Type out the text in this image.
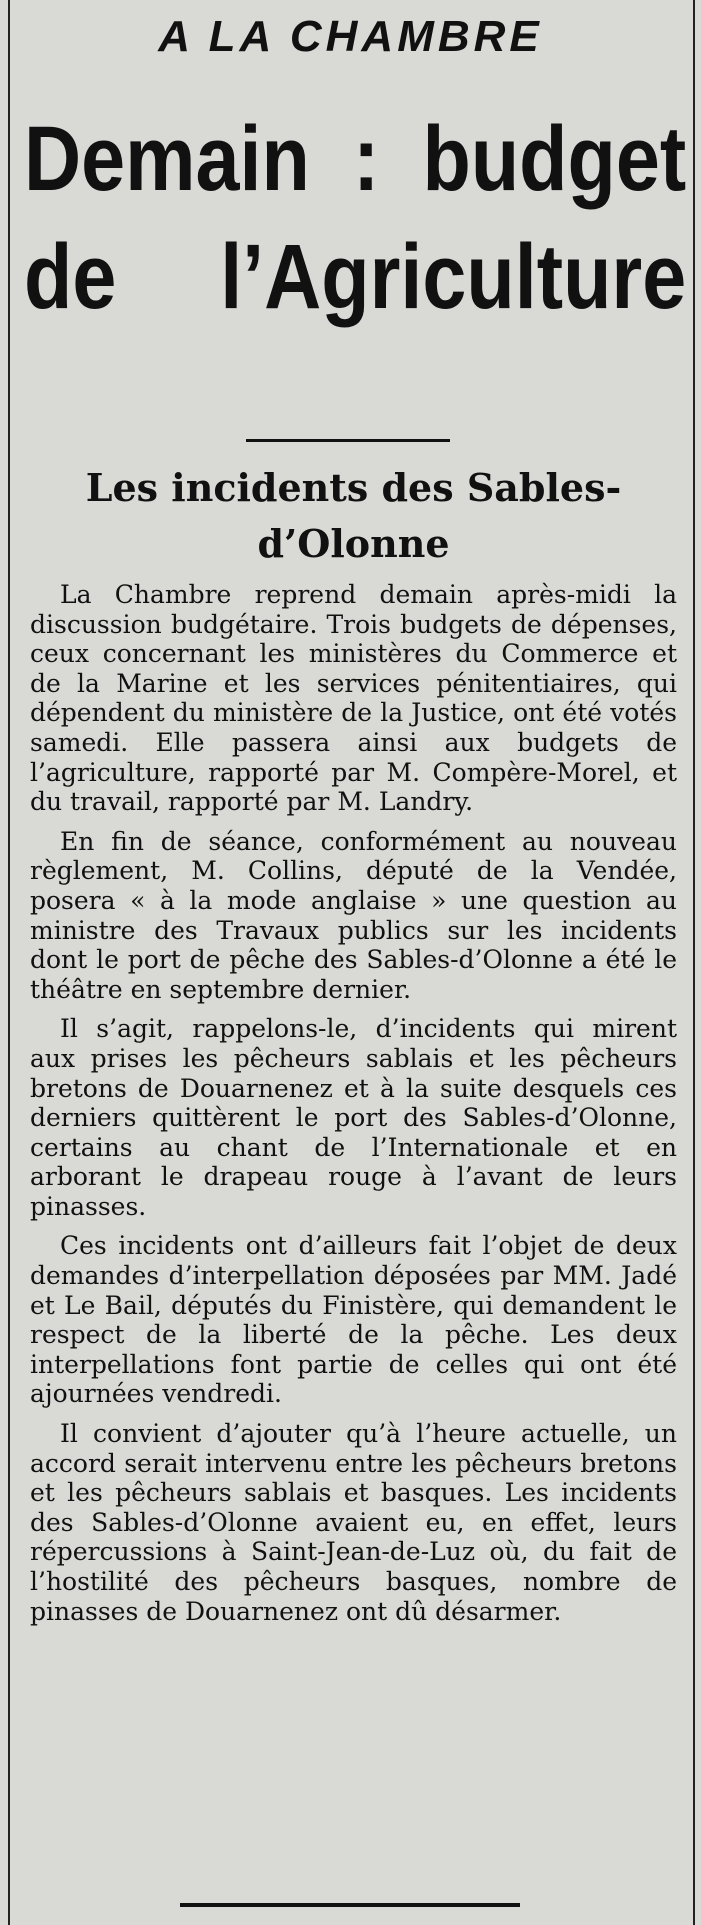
A LA CHAMBRE
Demain : budget
de l’Agriculture
Les incidents des Sables-d’Olonne

La Chambre reprend demain après-midi la discussion budgétaire. Trois budgets de dépenses, ceux concernant les ministères du Commerce et de la Marine et les services pénitentiaires, qui dépendent du ministère de la Justice, ont été votés samedi. Elle passera ainsi aux budgets de l’agriculture, rapporté par M. Compère-Morel, et du travail, rapporté par M. Landry.

En fin de séance, conformément au nouveau règlement, M. Collins, député de la Vendée, posera « à la mode anglaise » une question au ministre des Travaux publics sur les incidents dont le port de pêche des Sables-d’Olonne a été le théâtre en septembre dernier.

Il s’agit, rappelons-le, d’incidents qui mirent aux prises les pêcheurs sablais et les pêcheurs bretons de Douarnenez et à la suite desquels ces derniers quittèrent le port des Sables-d’Olonne, certains au chant de l’Internationale et en arborant le drapeau rouge à l’avant de leurs pinasses.

Ces incidents ont d’ailleurs fait l’objet de deux demandes d’interpellation déposées par MM. Jadé et Le Bail, députés du Finistère, qui demandent le respect de la liberté de la pêche. Les deux interpellations font partie de celles qui ont été ajournées vendredi.

Il convient d’ajouter qu’à l’heure actuelle, un accord serait intervenu entre les pêcheurs bretons et les pêcheurs sablais et basques. Les incidents des Sables-d’Olonne avaient eu, en effet, leurs répercussions à Saint-Jean-de-Luz où, du fait de l’hostilité des pêcheurs basques, nombre de pinasses de Douarnenez ont dû désarmer.
